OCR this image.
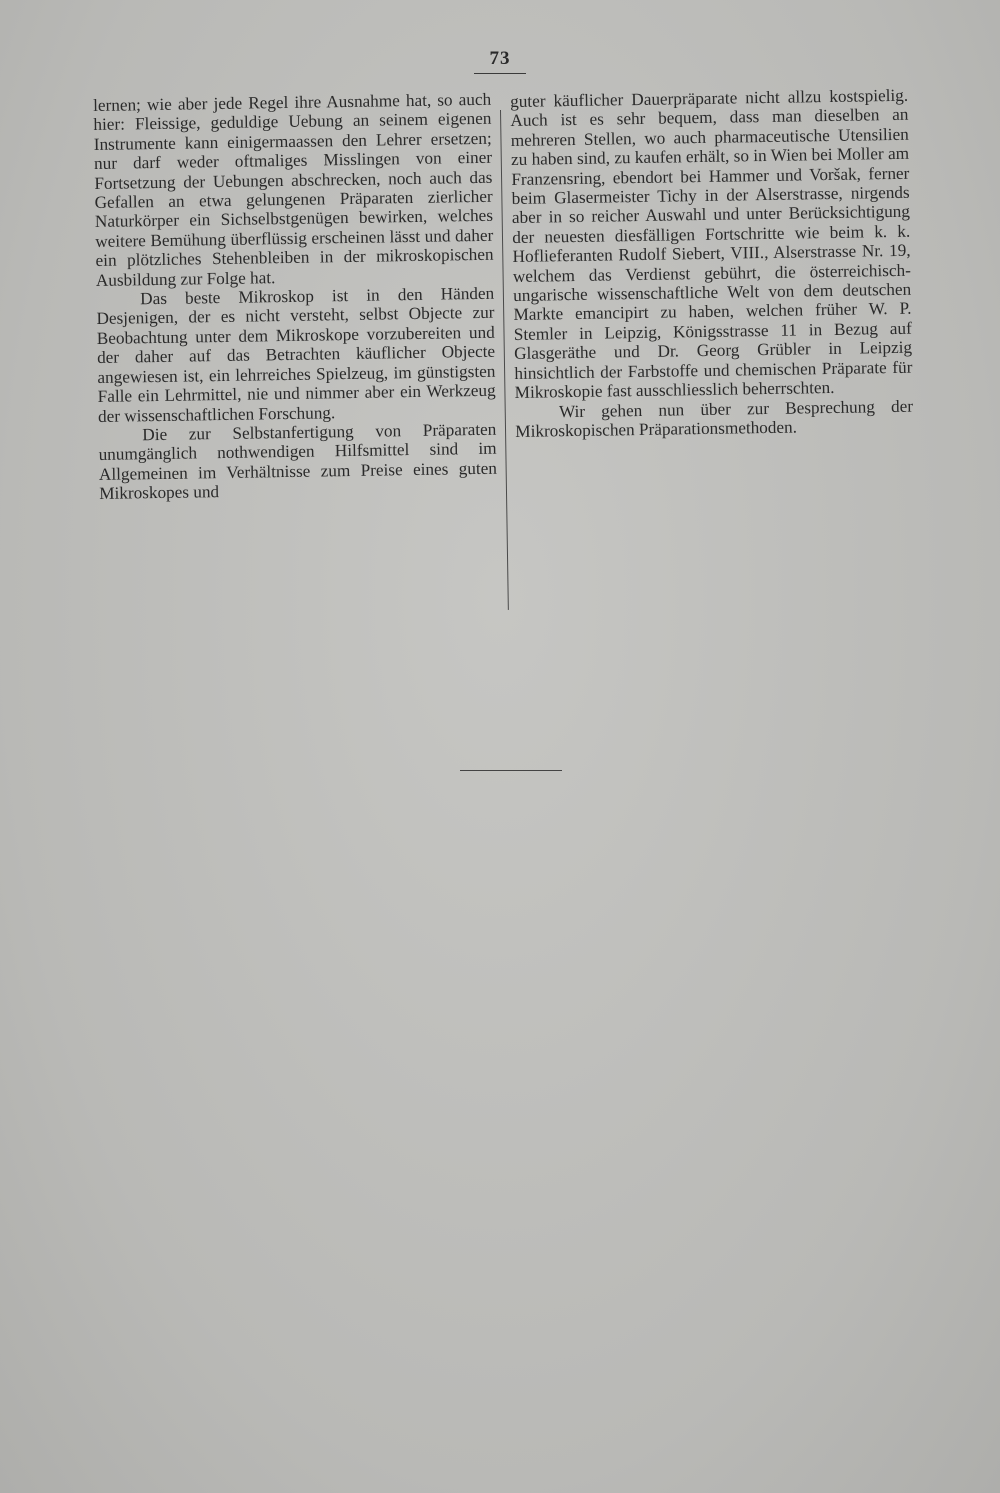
73

lernen; wie aber jede Regel ihre Ausnahme hat, so auch hier: Fleissige, geduldige Uebung an seinem eigenen Instrumente kann einigermaassen den Lehrer ersetzen; nur darf weder oftmaliges Misslingen von einer Fortsetzung der Uebungen abschrecken, noch auch das Gefallen an etwa gelungenen Präparaten zierlicher Naturkörper ein Sichselbstgenügen bewirken, welches weitere Bemühung überflüssig erscheinen lässt und daher ein plötzliches Stehenbleiben in der mikroskopischen Ausbildung zur Folge hat.

Das beste Mikroskop ist in den Händen Desjenigen, der es nicht versteht, selbst Objecte zur Beobachtung unter dem Mikroskope vorzubereiten und der daher auf das Betrachten käuflicher Objecte angewiesen ist, ein lehrreiches Spielzeug, im günstigsten Falle ein Lehrmittel, nie und nimmer aber ein Werkzeug der wissenschaftlichen Forschung.

Die zur Selbstanfertigung von Präparaten unumgänglich nothwendigen Hilfsmittel sind im Allgemeinen im Verhältnisse zum Preise eines guten Mikroskopes und

guter käuflicher Dauerpräparate nicht allzu kostspielig. Auch ist es sehr bequem, dass man dieselben an mehreren Stellen, wo auch pharmaceutische Utensilien zu haben sind, zu kaufen erhält, so in Wien bei Moller am Franzensring, ebendort bei Hammer und Voršak, ferner beim Glasermeister Tichy in der Alserstrasse, nirgends aber in so reicher Auswahl und unter Berücksichtigung der neuesten diesfälligen Fortschritte wie beim k. k. Hoflieferanten Rudolf Siebert, VIII., Alserstrasse Nr. 19, welchem das Verdienst gebührt, die österreichisch-ungarische wissenschaftliche Welt von dem deutschen Markte emancipirt zu haben, welchen früher W. P. Stemler in Leipzig, Königsstrasse 11 in Bezug auf Glasgeräthe und Dr. Georg Grübler in Leipzig hinsichtlich der Farbstoffe und chemischen Präparate für Mikroskopie fast ausschliesslich beherrschten.

Wir gehen nun über zur Besprechung der Mikroskopischen Präparationsmethoden.
